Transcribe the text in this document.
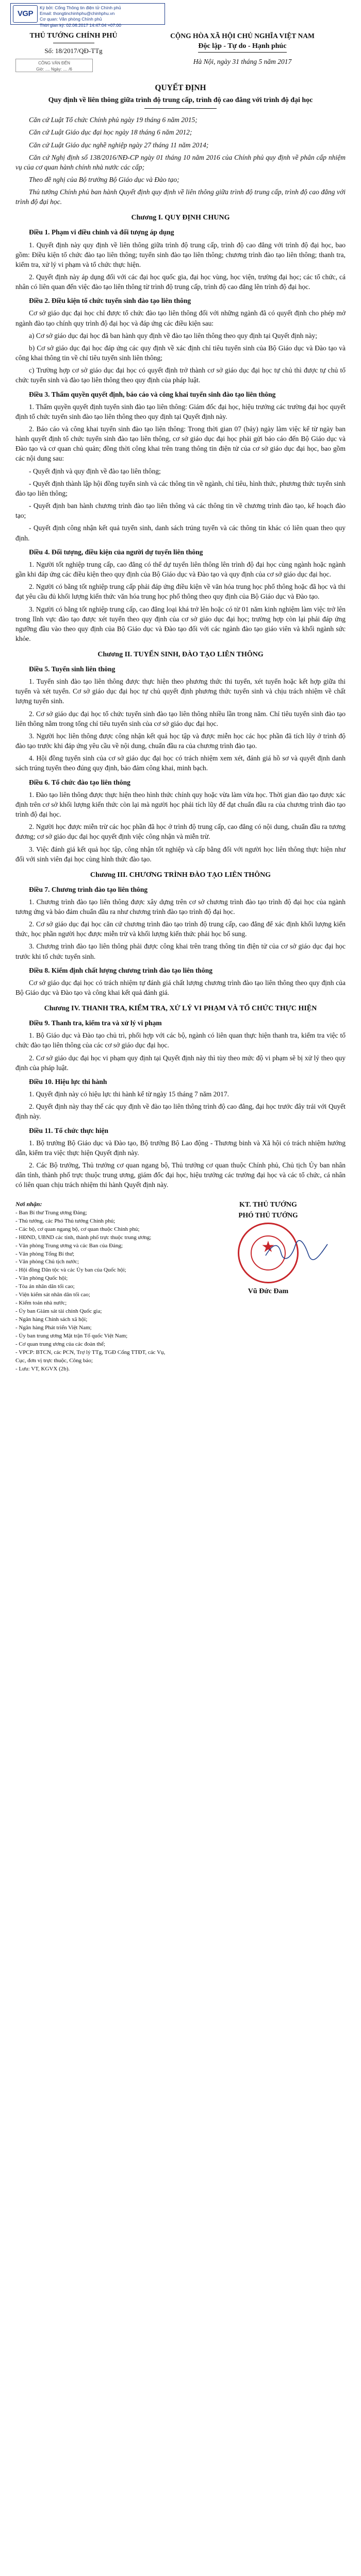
VGP
Ký bởi: Cổng Thông tin điện tử Chính phủ
Email: thongtinchinhphu@chinhphu.vn
Cơ quan: Văn phòng Chính phủ
Thời gian ký: 02.06.2017 14:47:04 +07:00
THỦ TƯỚNG CHÍNH PHỦ
Số: 18/2017/QĐ-TTg
CÔNG VĂN ĐẾN
Giờ: .... Ngày: .... /6
CỘNG HÒA XÃ HỘI CHỦ NGHĨA VIỆT NAM
Độc lập - Tự do - Hạnh phúc
Hà Nội, ngày 31 tháng 5 năm 2017
QUYẾT ĐỊNH
Quy định về liên thông giữa trình độ trung cấp, trình độ cao đẳng với trình độ đại học

Căn cứ Luật Tổ chức Chính phủ ngày 19 tháng 6 năm 2015;

Căn cứ Luật Giáo dục đại học ngày 18 tháng 6 năm 2012;

Căn cứ Luật Giáo dục nghề nghiệp ngày 27 tháng 11 năm 2014;

Căn cứ Nghị định số 138/2016/NĐ-CP ngày 01 tháng 10 năm 2016 của Chính phủ quy định về phân cấp nhiệm vụ của cơ quan hành chính nhà nước các cấp;

Theo đề nghị của Bộ trưởng Bộ Giáo dục và Đào tạo;

Thủ tướng Chính phủ ban hành Quyết định quy định về liên thông giữa trình độ trung cấp, trình độ cao đẳng với trình độ đại học.

Chương I. QUY ĐỊNH CHUNG
Điều 1. Phạm vi điều chỉnh và đối tượng áp dụng
1. Quyết định này quy định về liên thông giữa trình độ trung cấp, trình độ cao đẳng với trình độ đại học, bao gồm: Điều kiện tổ chức đào tạo liên thông; tuyển sinh đào tạo liên thông; chương trình đào tạo liên thông; thanh tra, kiểm tra, xử lý vi phạm và tổ chức thực hiện.
2. Quyết định này áp dụng đối với các đại học quốc gia, đại học vùng, học viện, trường đại học; các tổ chức, cá nhân có liên quan đến việc đào tạo liên thông từ trình độ trung cấp, trình độ cao đẳng lên trình độ đại học.
Điều 2. Điều kiện tổ chức tuyển sinh đào tạo liên thông
Cơ sở giáo dục đại học chỉ được tổ chức đào tạo liên thông đối với những ngành đã có quyết định cho phép mở ngành đào tạo chính quy trình độ đại học và đáp ứng các điều kiện sau:
a) Cơ sở giáo dục đại học đã ban hành quy định về đào tạo liên thông theo quy định tại Quyết định này;
b) Cơ sở giáo dục đại học đáp ứng các quy định về xác định chỉ tiêu tuyển sinh của Bộ Giáo dục và Đào tạo và công khai thông tin về chỉ tiêu tuyển sinh liên thông;
c) Trường hợp cơ sở giáo dục đại học có quyết định trở thành cơ sở giáo dục đại học tự chủ thì được tự chủ tổ chức tuyển sinh và đào tạo liên thông theo quy định của pháp luật.
Điều 3. Thẩm quyền quyết định, báo cáo và công khai tuyển sinh đào tạo liên thông
1. Thẩm quyền quyết định tuyển sinh đào tạo liên thông: Giám đốc đại học, hiệu trưởng các trường đại học quyết định tổ chức tuyển sinh đào tạo liên thông theo quy định tại Quyết định này.
2. Báo cáo và công khai tuyển sinh đào tạo liên thông: Trong thời gian 07 (bảy) ngày làm việc kể từ ngày ban hành quyết định tổ chức tuyển sinh đào tạo liên thông, cơ sở giáo dục đại học phải gửi báo cáo đến Bộ Giáo dục và Đào tạo và cơ quan chủ quản; đồng thời công khai trên trang thông tin điện tử của cơ sở giáo dục đại học, bao gồm các nội dung sau:
- Quyết định và quy định về đào tạo liên thông;
- Quyết định thành lập hội đồng tuyển sinh và các thông tin về ngành, chỉ tiêu, hình thức, phương thức tuyển sinh đào tạo liên thông;
- Quyết định ban hành chương trình đào tạo liên thông và các thông tin về chương trình đào tạo, kế hoạch đào tạo;
- Quyết định công nhận kết quả tuyển sinh, danh sách trúng tuyển và các thông tin khác có liên quan theo quy định.
Điều 4. Đối tượng, điều kiện của người dự tuyển liên thông
1. Người tốt nghiệp trung cấp, cao đẳng có thể dự tuyển liên thông lên trình độ đại học cùng ngành hoặc ngành gần khi đáp ứng các điều kiện theo quy định của Bộ Giáo dục và Đào tạo và quy định của cơ sở giáo dục đại học.
2. Người có bằng tốt nghiệp trung cấp phải đáp ứng điều kiện về văn hóa trung học phổ thông hoặc đã học và thi đạt yêu cầu đủ khối lượng kiến thức văn hóa trung học phổ thông theo quy định của Bộ Giáo dục và Đào tạo.
3. Người có bằng tốt nghiệp trung cấp, cao đẳng loại khá trở lên hoặc có từ 01 năm kinh nghiệm làm việc trở lên trong lĩnh vực đào tạo được xét tuyển theo quy định của cơ sở giáo dục đại học; trường hợp còn lại phải đáp ứng ngưỡng đầu vào theo quy định của Bộ Giáo dục và Đào tạo đối với các ngành đào tạo giáo viên và khối ngành sức khỏe.
Chương II. TUYỂN SINH, ĐÀO TẠO LIÊN THÔNG
Điều 5. Tuyển sinh liên thông
1. Tuyển sinh đào tạo liên thông được thực hiện theo phương thức thi tuyển, xét tuyển hoặc kết hợp giữa thi tuyển và xét tuyển. Cơ sở giáo dục đại học tự chủ quyết định phương thức tuyển sinh và chịu trách nhiệm về chất lượng tuyển sinh.
2. Cơ sở giáo dục đại học tổ chức tuyển sinh đào tạo liên thông nhiều lần trong năm. Chỉ tiêu tuyển sinh đào tạo liên thông nằm trong tổng chỉ tiêu tuyển sinh của cơ sở giáo dục đại học.
3. Người học liên thông được công nhận kết quả học tập và được miễn học các học phần đã tích lũy ở trình độ đào tạo trước khi đáp ứng yêu cầu về nội dung, chuẩn đầu ra của chương trình đào tạo.
4. Hội đồng tuyển sinh của cơ sở giáo dục đại học có trách nhiệm xem xét, đánh giá hồ sơ và quyết định danh sách trúng tuyển theo đúng quy định, bảo đảm công khai, minh bạch.
Điều 6. Tổ chức đào tạo liên thông
1. Đào tạo liên thông được thực hiện theo hình thức chính quy hoặc vừa làm vừa học. Thời gian đào tạo được xác định trên cơ sở khối lượng kiến thức còn lại mà người học phải tích lũy để đạt chuẩn đầu ra của chương trình đào tạo trình độ đại học.
2. Người học được miễn trừ các học phần đã học ở trình độ trung cấp, cao đẳng có nội dung, chuẩn đầu ra tương đương; cơ sở giáo dục đại học quyết định việc công nhận và miễn trừ.
3. Việc đánh giá kết quả học tập, công nhận tốt nghiệp và cấp bằng đối với người học liên thông thực hiện như đối với sinh viên đại học cùng hình thức đào tạo.
Chương III. CHƯƠNG TRÌNH ĐÀO TẠO LIÊN THÔNG
Điều 7. Chương trình đào tạo liên thông
1. Chương trình đào tạo liên thông được xây dựng trên cơ sở chương trình đào tạo trình độ đại học của ngành tương ứng và bảo đảm chuẩn đầu ra như chương trình đào tạo trình độ đại học.
2. Cơ sở giáo dục đại học căn cứ chương trình đào tạo trình độ trung cấp, cao đẳng để xác định khối lượng kiến thức, học phần người học được miễn trừ và khối lượng kiến thức phải học bổ sung.
3. Chương trình đào tạo liên thông phải được công khai trên trang thông tin điện tử của cơ sở giáo dục đại học trước khi tổ chức tuyển sinh.
Điều 8. Kiểm định chất lượng chương trình đào tạo liên thông
Cơ sở giáo dục đại học có trách nhiệm tự đánh giá chất lượng chương trình đào tạo liên thông theo quy định của Bộ Giáo dục và Đào tạo và công khai kết quả đánh giá.
Chương IV. THANH TRA, KIỂM TRA, XỬ LÝ VI PHẠM VÀ TỔ CHỨC THỰC HIỆN
Điều 9. Thanh tra, kiểm tra và xử lý vi phạm
1. Bộ Giáo dục và Đào tạo chủ trì, phối hợp với các bộ, ngành có liên quan thực hiện thanh tra, kiểm tra việc tổ chức đào tạo liên thông của các cơ sở giáo dục đại học.
2. Cơ sở giáo dục đại học vi phạm quy định tại Quyết định này thì tùy theo mức độ vi phạm sẽ bị xử lý theo quy định của pháp luật.
Điều 10. Hiệu lực thi hành
1. Quyết định này có hiệu lực thi hành kể từ ngày 15 tháng 7 năm 2017.
2. Quyết định này thay thế các quy định về đào tạo liên thông trình độ cao đẳng, đại học trước đây trái với Quyết định này.
Điều 11. Tổ chức thực hiện
1. Bộ trưởng Bộ Giáo dục và Đào tạo, Bộ trưởng Bộ Lao động - Thương binh và Xã hội có trách nhiệm hướng dẫn, kiểm tra việc thực hiện Quyết định này.
2. Các Bộ trưởng, Thủ trưởng cơ quan ngang bộ, Thủ trưởng cơ quan thuộc Chính phủ, Chủ tịch Ủy ban nhân dân tỉnh, thành phố trực thuộc trung ương, giám đốc đại học, hiệu trưởng các trường đại học và các tổ chức, cá nhân có liên quan chịu trách nhiệm thi hành Quyết định này.
Nơi nhận:
- Ban Bí thư Trung ương Đảng;
- Thủ tướng, các Phó Thủ tướng Chính phủ;
- Các bộ, cơ quan ngang bộ, cơ quan thuộc Chính phủ;
- HĐND, UBND các tỉnh, thành phố trực thuộc trung ương;
- Văn phòng Trung ương và các Ban của Đảng;
- Văn phòng Tổng Bí thư;
- Văn phòng Chủ tịch nước;
- Hội đồng Dân tộc và các Ủy ban của Quốc hội;
- Văn phòng Quốc hội;
- Tòa án nhân dân tối cao;
- Viện kiểm sát nhân dân tối cao;
- Kiểm toán nhà nước;
- Ủy ban Giám sát tài chính Quốc gia;
- Ngân hàng Chính sách xã hội;
- Ngân hàng Phát triển Việt Nam;
- Ủy ban trung ương Mặt trận Tổ quốc Việt Nam;
- Cơ quan trung ương của các đoàn thể;
- VPCP: BTCN, các PCN, Trợ lý TTg, TGĐ Cổng TTĐT, các Vụ, Cục, đơn vị trực thuộc, Công báo;
- Lưu: VT, KGVX (2b).
KT. THỦ TƯỚNG
PHÓ THỦ TƯỚNG
★
Vũ Đức Đam
